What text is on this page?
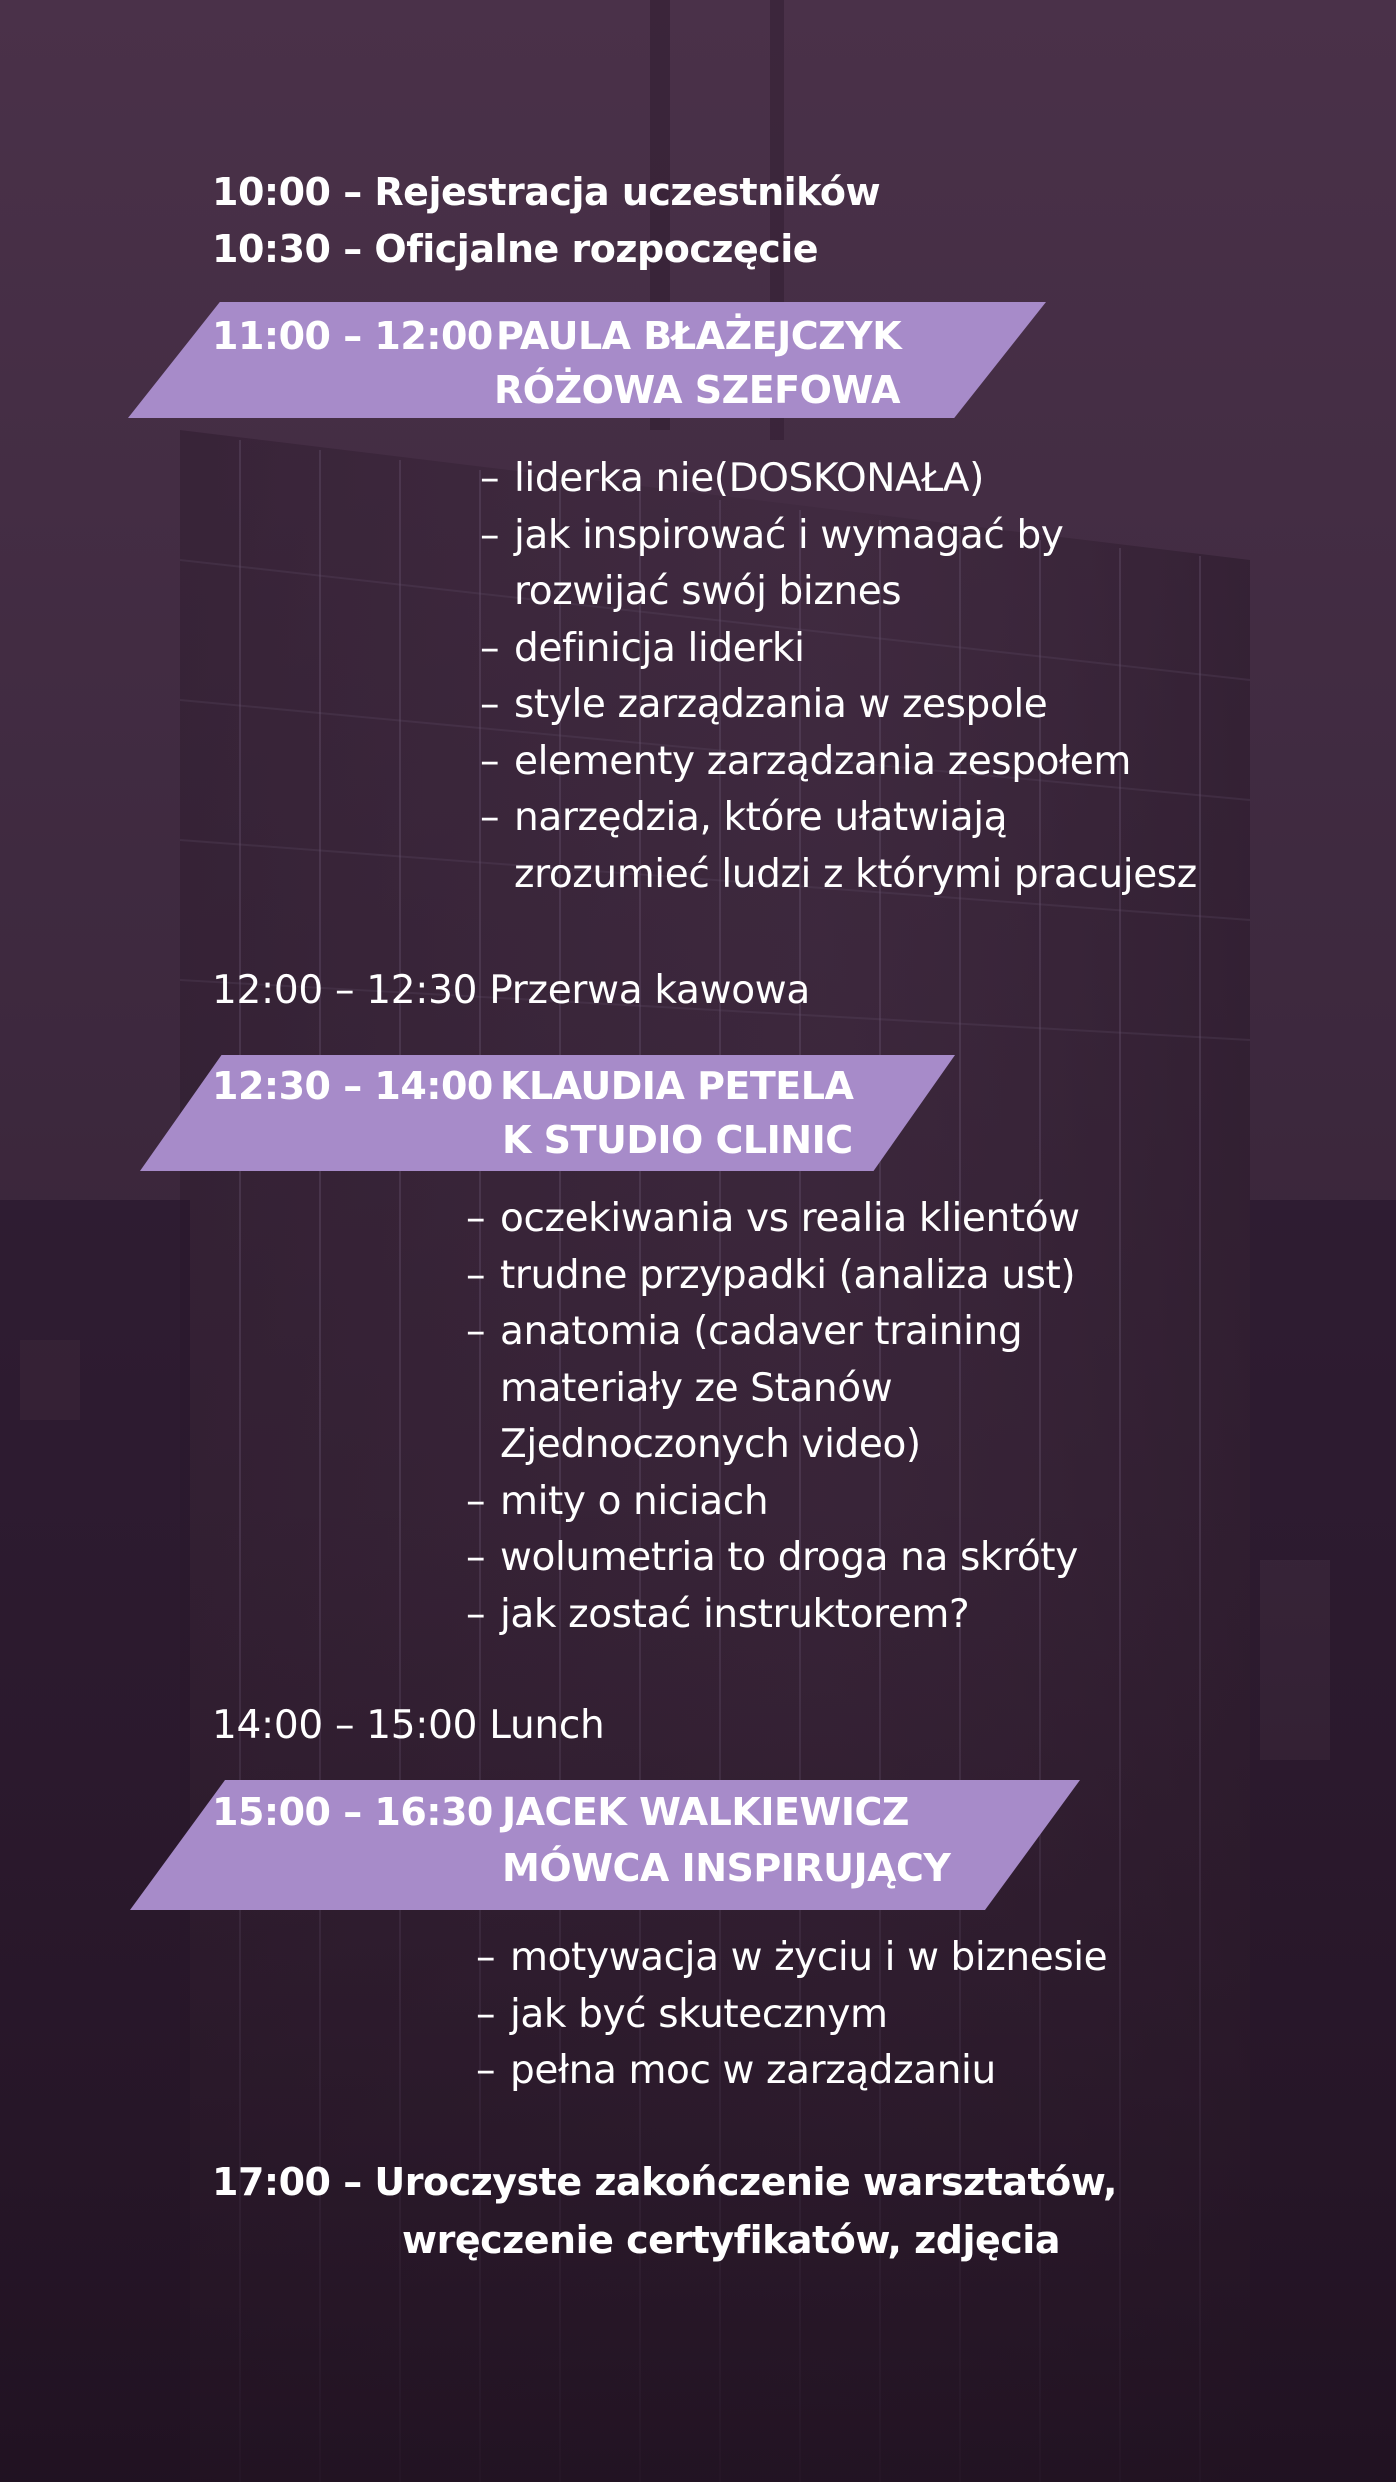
10:00 – Rejestracja uczestników
10:30 – Oficjalne rozpoczęcie
11:00 – 12:00 PAULA BŁAŻEJCZYK
RÓŻOWA SZEFOWA
– liderka nie(DOSKONAŁA)
– jak inspirować i wymagać by
rozwijać swój biznes
– definicja liderki
– style zarządzania w zespole
– elementy zarządzania zespołem
– narzędzia, które ułatwiają
zrozumieć ludzi z którymi pracujesz
12:00 – 12:30 Przerwa kawowa
12:30 – 14:00 KLAUDIA PETELA
K STUDIO CLINIC
– oczekiwania vs realia klientów
– trudne przypadki (analiza ust)
– anatomia (cadaver training
materiały ze Stanów
Zjednoczonych video)
– mity o niciach
– wolumetria to droga na skróty
– jak zostać instruktorem?
14:00 – 15:00 Lunch
15:00 – 16:30 JACEK WALKIEWICZ
MÓWCA INSPIRUJĄCY
– motywacja w życiu i w biznesie
– jak być skutecznym
– pełna moc w zarządzaniu
17:00 – Uroczyste zakończenie warsztatów,
wręczenie certyfikatów, zdjęcia
